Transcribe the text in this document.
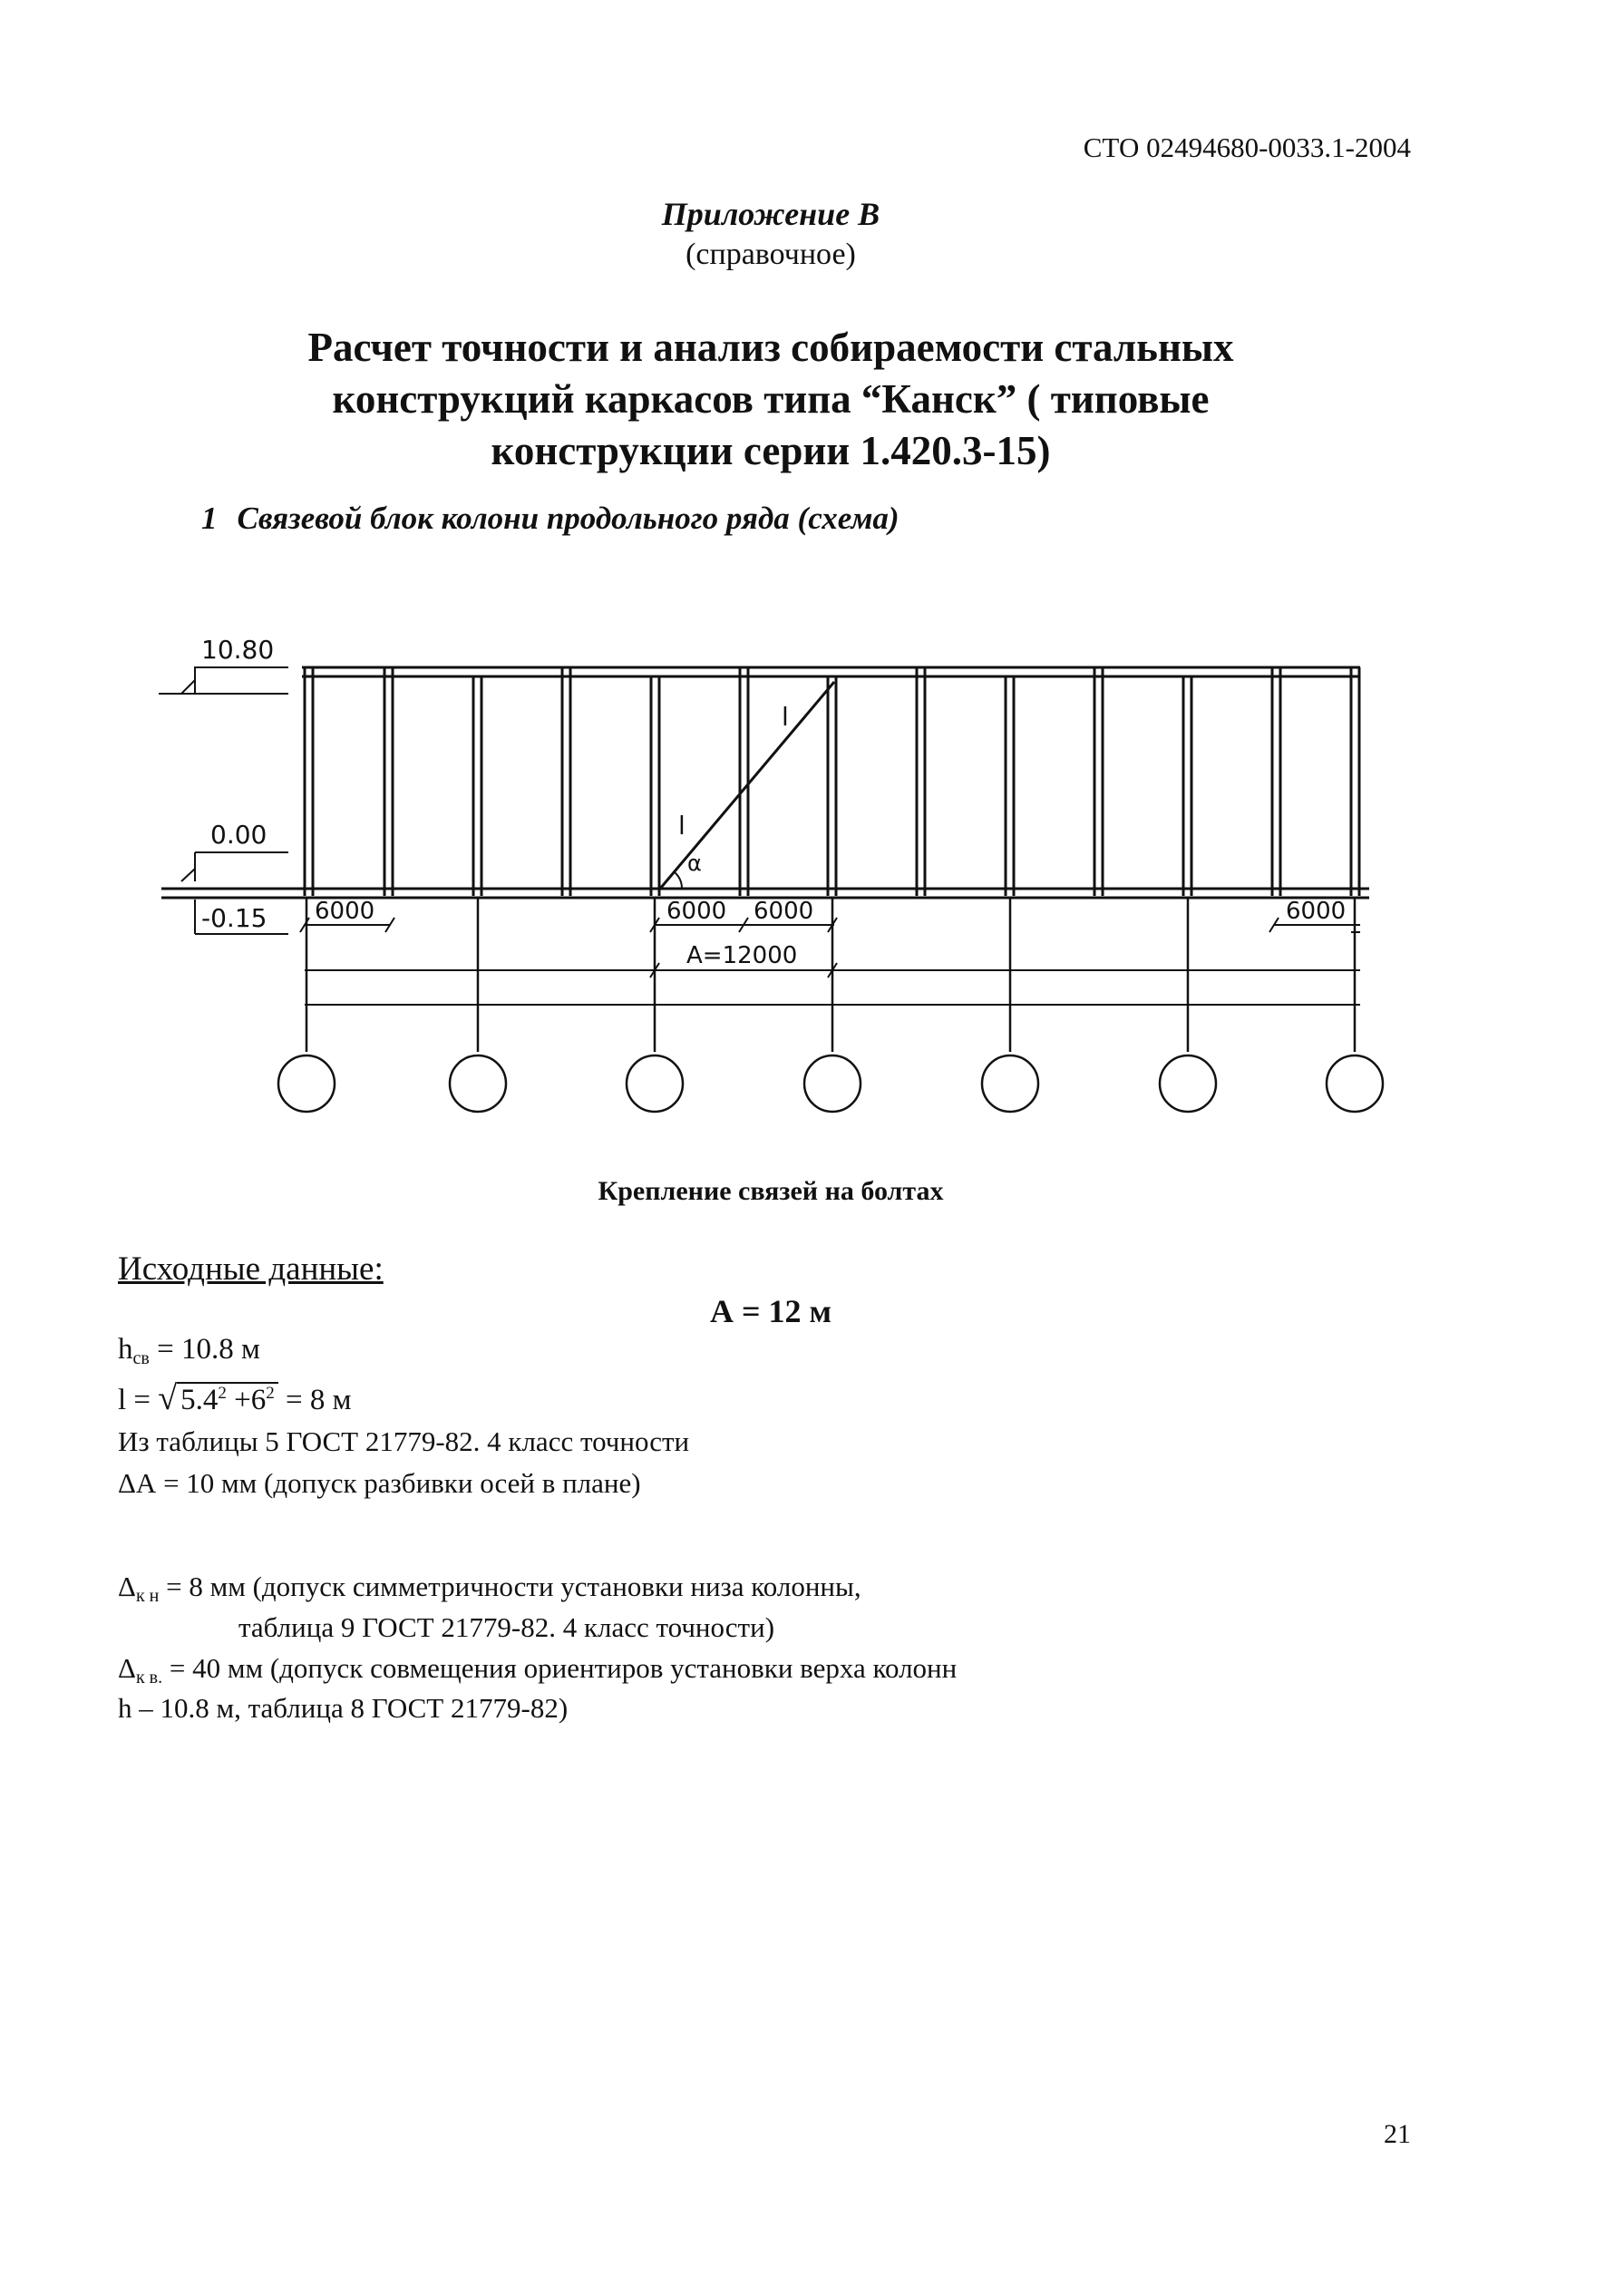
СТО 02494680-0033.1-2004
Приложение В
(справочное)
Расчет точности и анализ собираемости стальных
конструкций каркасов типа “Канск” ( типовые
конструкции серии 1.420.3-15)
1 Связевой блок колони продольного ряда (схема)
10.80
0.00
-0.15 6000	6000 6000	6000
A=12000
l
l
α
Крепление связей на болтах
Исходные данные:
А = 12 м
$h_{св} = 10.8$ м
l = √ $5.4^2 +6^2 = 8$ м
Из таблицы 5 ГОСТ 21779-82. 4 класс точности
ΔА = 10 мм (допуск разбивки осей в плане)
$\Delta_{к н} = 8$ мм (допуск симметричности установки низа колонны,
таблица 9 ГОСТ 21779-82. 4 класс точности)
$\Delta_{к в.} = 40$ мм (допуск совмещения ориентиров установки верха колонн
h – 10.8 м, таблица 8 ГОСТ 21779-82)
21
